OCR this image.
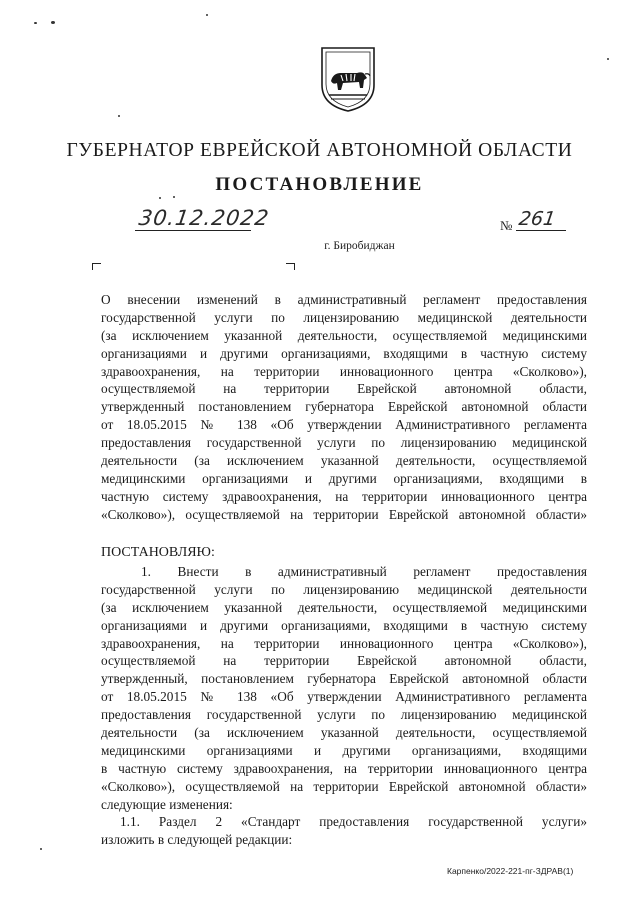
ГУБЕРНАТОР ЕВРЕЙСКОЙ АВТОНОМНОЙ ОБЛАСТИ
ПОСТАНОВЛЕНИЕ
30.12.2022	№ 261
г. Биробиджан
О внесении изменений в административный регламент предоставления
государственной услуги по лицензированию медицинской деятельности
(за исключением указанной деятельности, осуществляемой медицинскими
организациями и другими организациями, входящими в частную систему
здравоохранения, на территории инновационного центра «Сколково»),
осуществляемой на территории Еврейской автономной области,
утвержденный постановлением губернатора Еврейской автономной области
от 18.05.2015 № 138 «Об утверждении Административного регламента
предоставления государственной услуги по лицензированию медицинской
деятельности (за исключением указанной деятельности, осуществляемой
медицинскими организациями и другими организациями, входящими в
частную систему здравоохранения, на территории инновационного центра
«Сколково»), осуществляемой на территории Еврейской автономной области»
ПОСТАНОВЛЯЮ:
1. Внести в административный регламент предоставления
государственной услуги по лицензированию медицинской деятельности
(за исключением указанной деятельности, осуществляемой медицинскими
организациями и другими организациями, входящими в частную систему
здравоохранения, на территории инновационного центра «Сколково»),
осуществляемой на территории Еврейской автономной области,
утвержденный, постановлением губернатора Еврейской автономной области
от 18.05.2015 № 138 «Об утверждении Административного регламента
предоставления государственной услуги по лицензированию медицинской
деятельности (за исключением указанной деятельности, осуществляемой
медицинскими организациями и другими организациями, входящими
в частную систему здравоохранения, на территории инновационного центра
«Сколково»), осуществляемой на территории Еврейской автономной области»
следующие изменения:
1.1. Раздел 2 «Стандарт предоставления государственной услуги»
изложить в следующей редакции:
Карпенко/2022-221-пг-ЗДРАВ(1)
